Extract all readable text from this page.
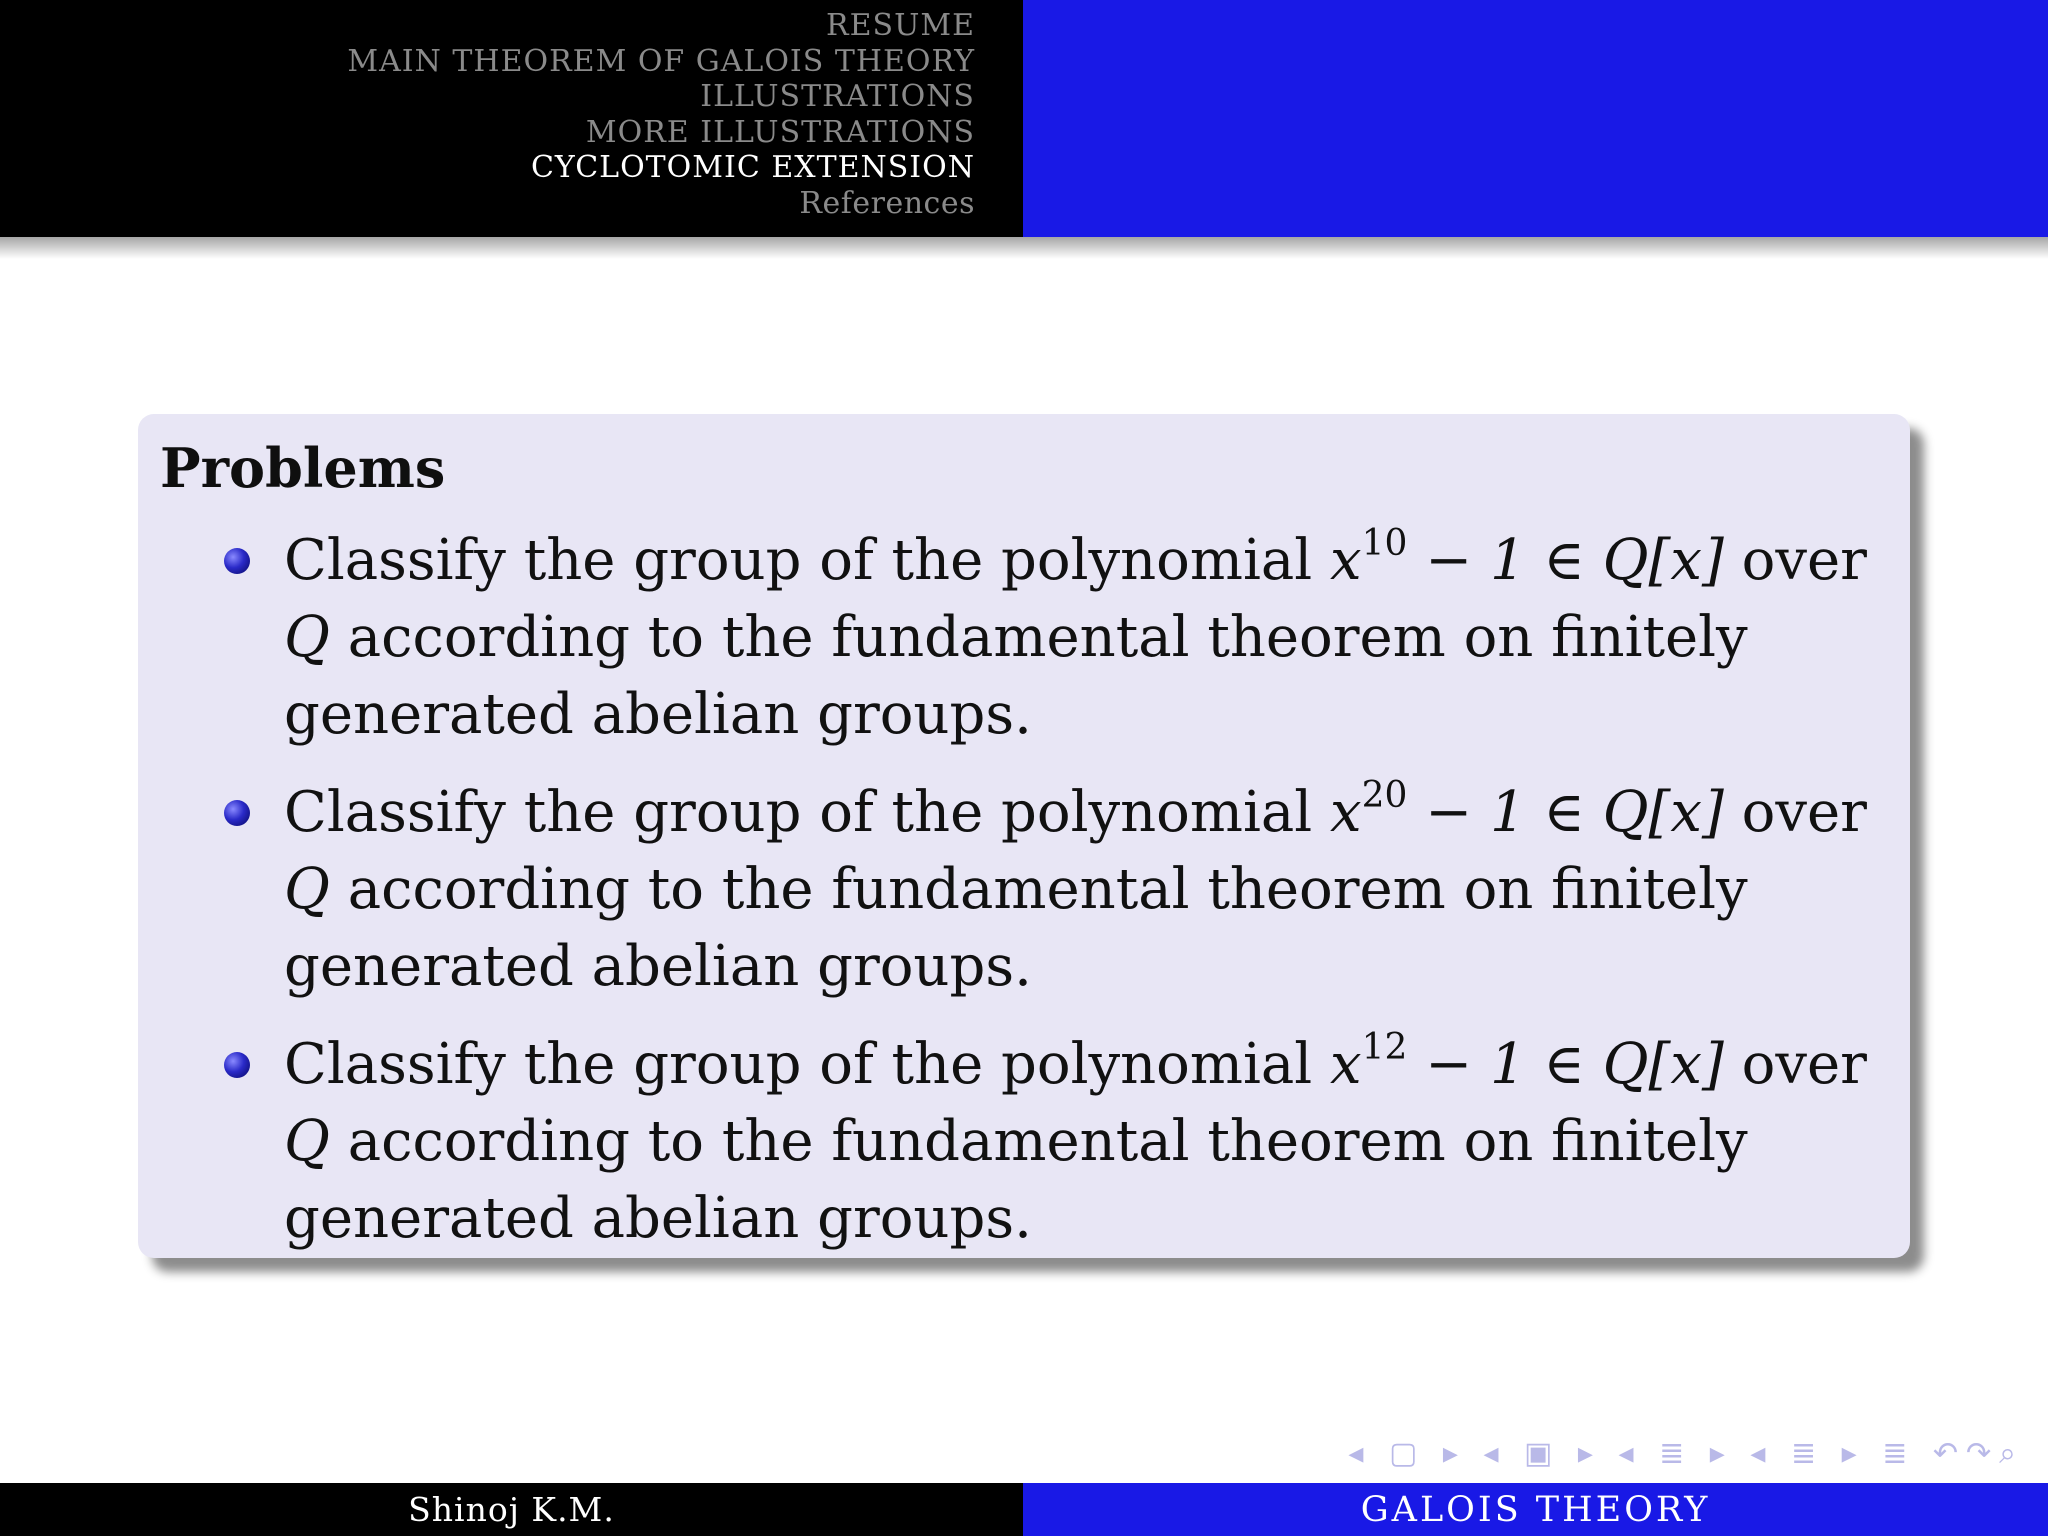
RESUME
MAIN THEOREM OF GALOIS THEORY
ILLUSTRATIONS
MORE ILLUSTRATIONS
CYCLOTOMIC EXTENSION
References
Problems
Classify the group of the polynomial $x^{10} - 1$ ∈ Q[x] over Q according to the fundamental theorem on finitely generated abelian groups.
Classify the group of the polynomial $x^{20} - 1$ ∈ Q[x] over Q according to the fundamental theorem on finitely generated abelian groups.
Classify the group of the polynomial $x^{12} - 1$ ∈ Q[x] over Q according to the fundamental theorem on finitely generated abelian groups.
◂ ▢ ▸ ◂ ▣ ▸ ◂ ≣ ▸ ◂ ≣ ▸ ≣ ↶↷⌕
Shinoj K.M.	GALOIS THEORY
